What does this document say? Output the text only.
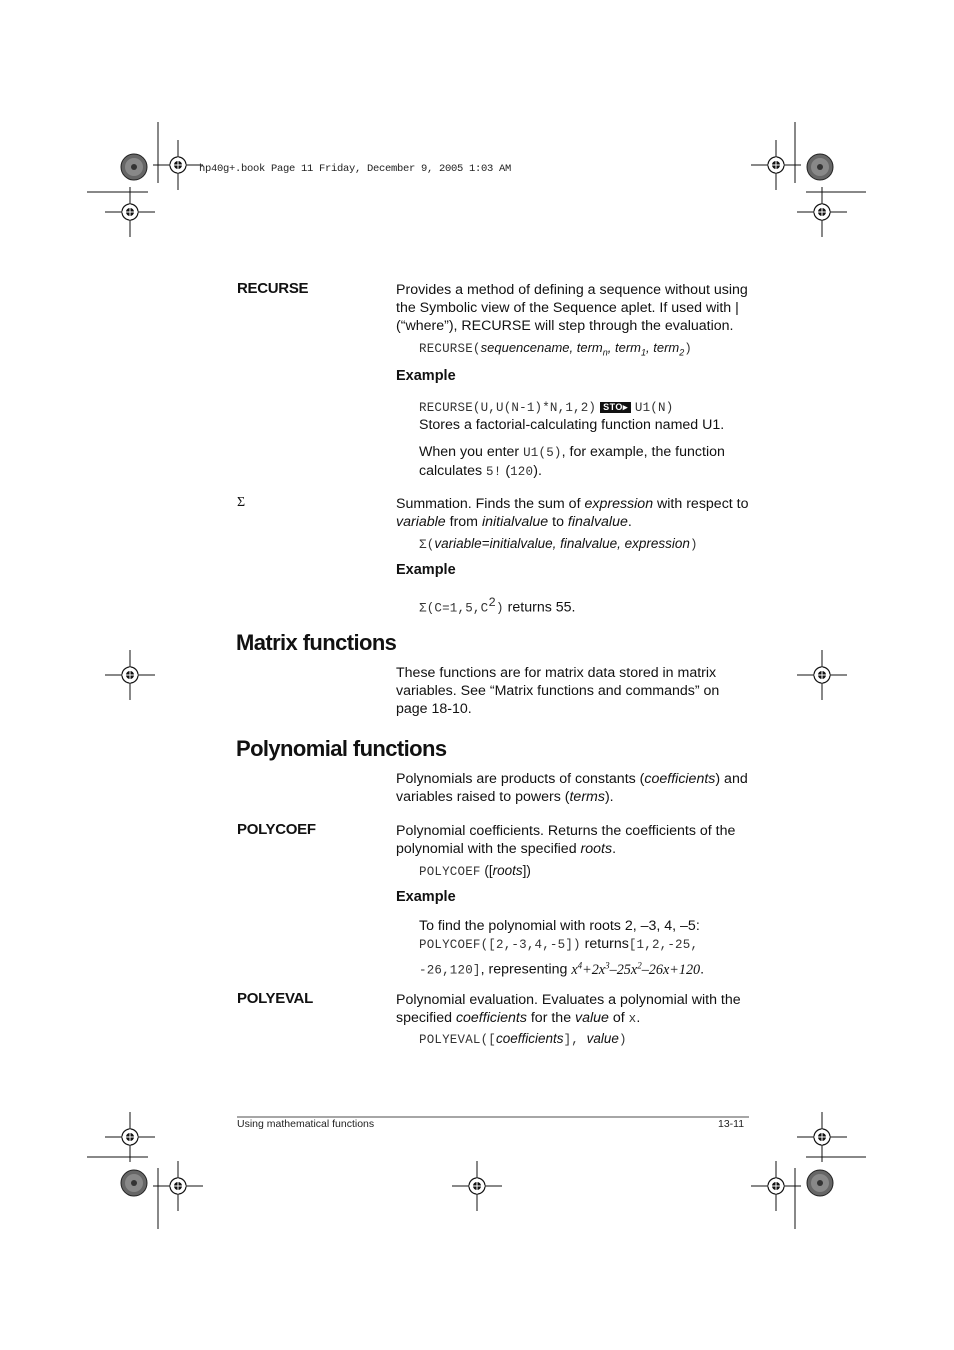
hp40g+.book Page 11 Friday, December 9, 2005 1:03 AM
RECURSE	Provides a method of defining a sequence without using
the Symbolic view of the Sequence aplet. If used with |
(“where”), RECURSE will step through the evaluation.
RECURSE(sequencename, term$_n$, term$_1$, term$_2$)
Example
RECURSE(U,U(N-1)*N,1,2) STO▸ U1(N)
Stores a factorial-calculating function named U1.
When you enter U1(5), for example, the function
calculates 5! (120).
Σ	Summation. Finds the sum of expression with respect to
variable from initialvalue to finalvalue.
Σ(variable=initialvalue, finalvalue, expression)
Example
$\Sigma(C=1,5,C^2)$ returns 55.
Matrix functions
These functions are for matrix data stored in matrix
variables. See “Matrix functions and commands” on
page 18-10.
Polynomial functions
Polynomials are products of constants (coefficients) and
variables raised to powers (terms).
POLYCOEF	Polynomial coefficients. Returns the coefficients of the
polynomial with the specified roots.
POLYCOEF ([roots])
Example
To find the polynomial with roots 2, –3, 4, –5:
POLYCOEF([2,-3,4,-5]) returns[1,2,-25,
-26,120], representing $x^4+2x^3-25x^2-26x+120$.
POLYEVAL	Polynomial evaluation. Evaluates a polynomial with the
specified coefficients for the value of x.
POLYEVAL([coefficients], value)
Using mathematical functions	13-11
